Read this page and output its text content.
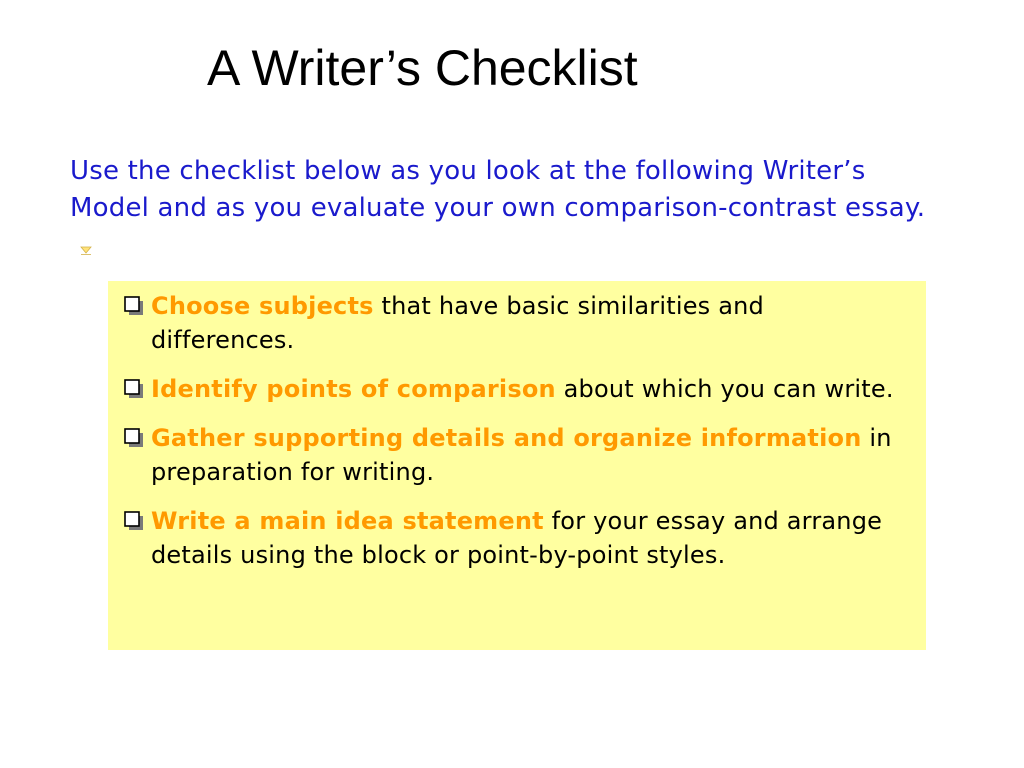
A Writer’s Checklist

Use the checklist below as you look at the following Writer’s Model and as you evaluate your own comparison-contrast essay.

Choose subjects that have basic similarities and differences.
Identify points of comparison about which you can write.
Gather supporting details and organize information in preparation for writing.
Write a main idea statement for your essay and arrange details using the block or point-by-point styles.
